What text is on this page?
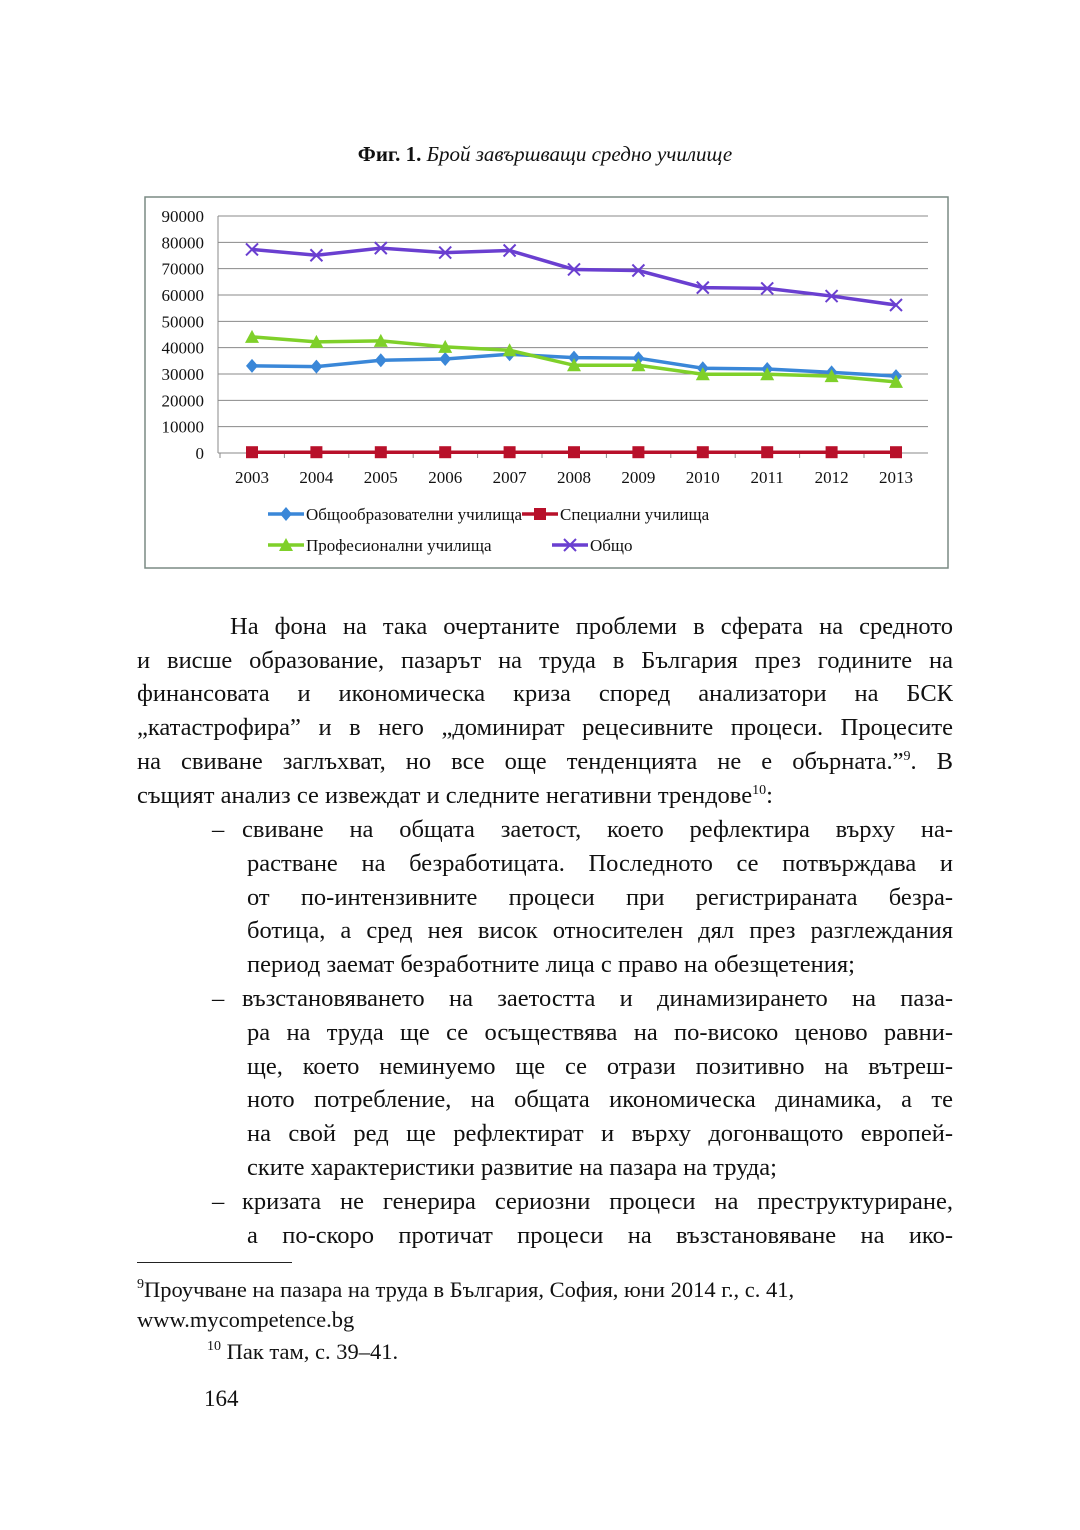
Фиг. 1. Брой завършващи средно училище
0
10000
20000
30000
40000
50000
60000
70000
80000
90000
2003 2004 2005 2006 2007 2008 2009 2010 2011 2012 2013
Общообразователни училища Специални училища
Професионални училища	Общо
На фона на така очертаните проблеми в сферата на средното
и висше образование, пазарът на труда в България през годините на
финансовата и икономическа криза според анализатори на БСК
„катастрофира” и в него „доминират рецесивните процеси. Процесите
на свиване заглъхват, но все още тенденцията не е обърната.”$^9$. В
същият анализ се извеждат и следните негативни трендове$^{10}$:
– свиване на общата заетост, което рефлектира върху на-
растване на безработицата. Последното се потвърждава и
от по-интензивните процеси при регистрираната безра-
ботица, а сред нея висок относителен дял през разглеждания
период заемат безработните лица с право на обезщетения;
– възстановяването на заетостта и динамизирането на паза-
ра на труда ще се осъществява на по-високо ценово равни-
ще, което неминуемо ще се отрази позитивно на вътреш-
ното потребление, на общата икономическа динамика, а те
на свой ред ще рефлектират и върху догонващото европей-
ските характеристики развитие на пазара на труда;
– кризата не генерира сериозни процеси на преструктуриране,
а по-скоро протичат процеси на възстановяване на ико-
$^9$Проучване на пазара на труда в България, София, юни 2014 г., с. 41,
www.mycompetence.bg
$^{10}$ Пак там, с. 39–41.
164
